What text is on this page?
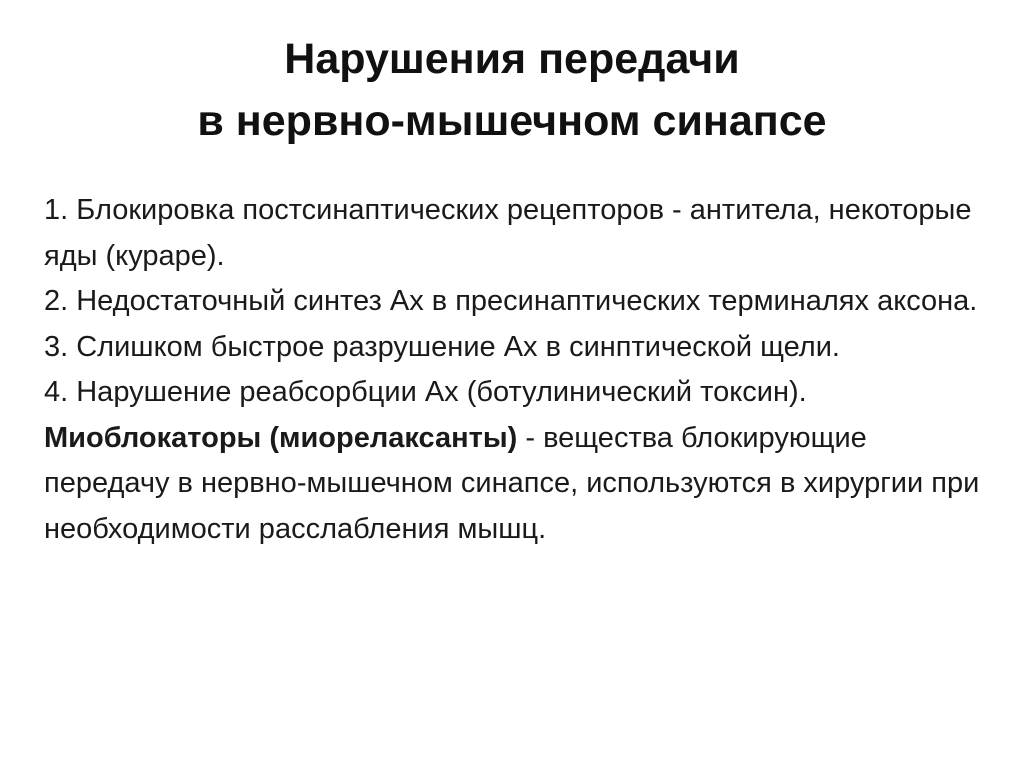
Нарушения передачи
в нервно-мышечном синапсе

1. Блокировка постсинаптических рецепторов - антитела, некоторые яды (кураре).

2. Недостаточный синтез Ах в пресинаптических терминалях аксона.

3. Слишком быстрое разрушение Ах в синптической щели.

4. Нарушение реабсорбции Ах (ботулинический токсин).

Миоблокаторы (миорелаксанты) - вещества блокирующие передачу в нервно-мышечном синапсе, используются в хирургии при необходимости расслабления мышц.
